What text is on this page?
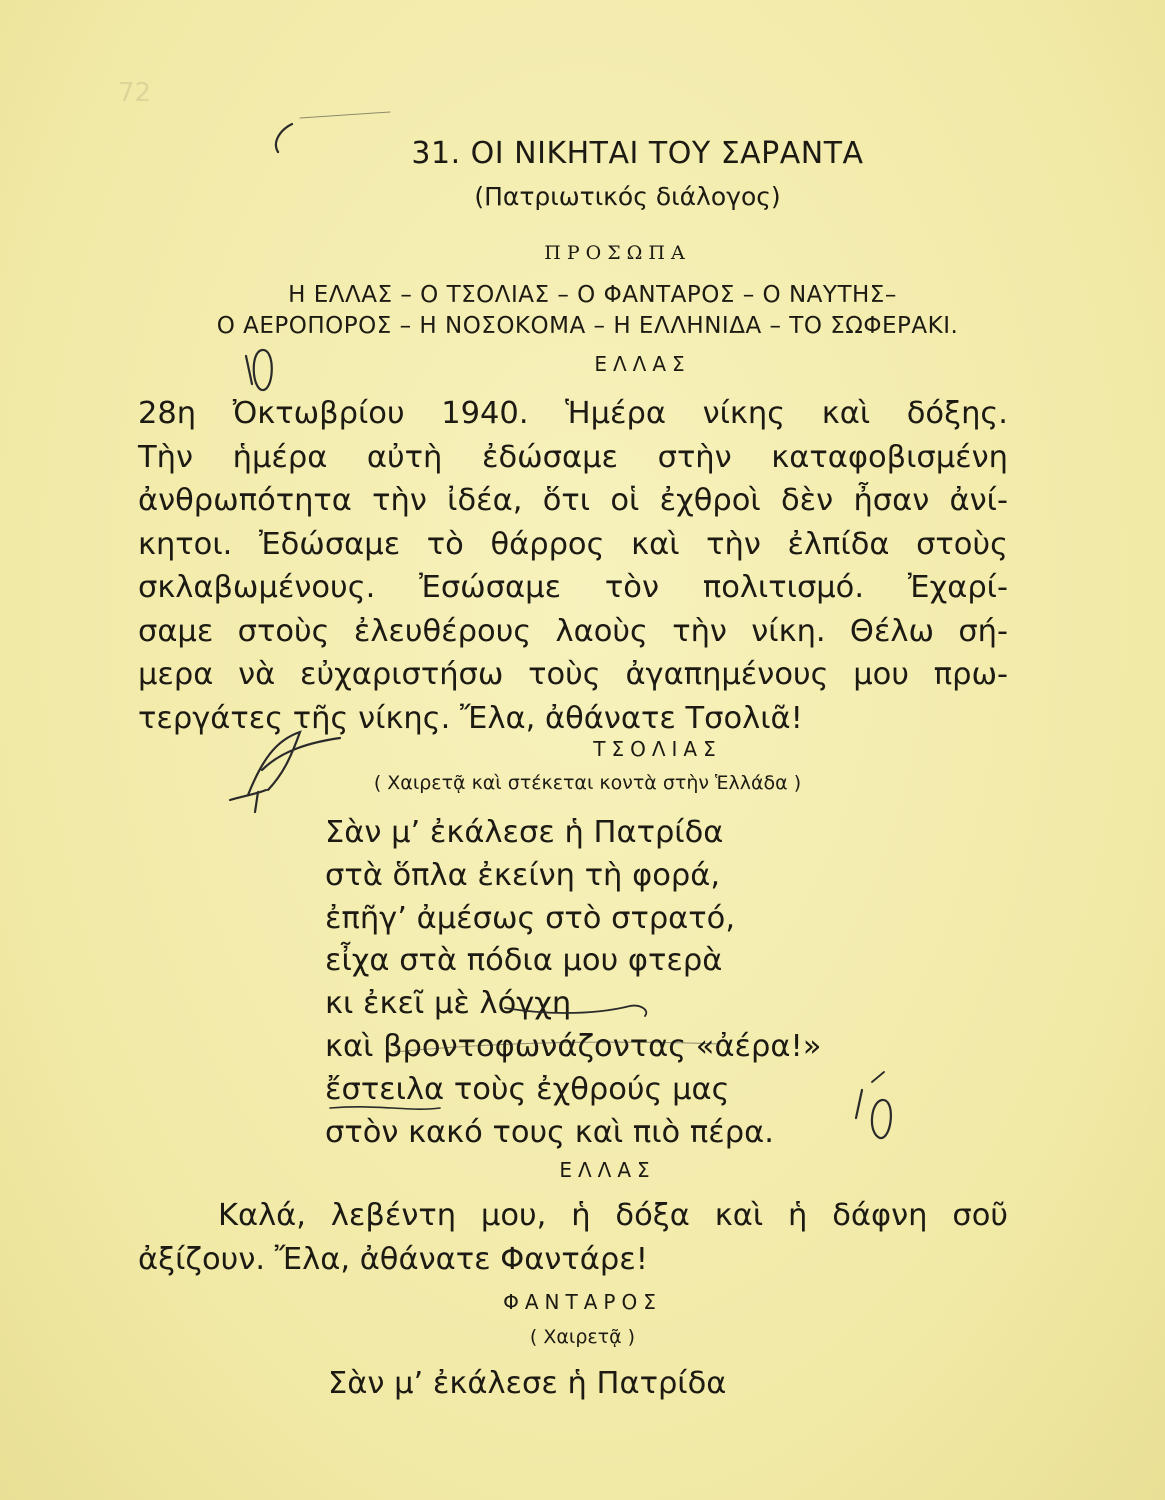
72
31. ΟΙ ΝΙΚΗΤΑΙ ΤΟΥ ΣΑΡΑΝΤΑ
(Πατριωτικός διάλογος)
ΠΡΟΣΩΠΑ
Η ΕΛΛΑΣ – Ο ΤΣΟΛΙΑΣ – Ο ΦΑΝΤΑΡΟΣ – Ο ΝΑΥΤΗΣ–
Ο ΑΕΡΟΠΟΡΟΣ – Η ΝΟΣΟΚΟΜΑ – Η ΕΛΛΗΝΙΔΑ – ΤΟ ΣΩΦΕΡΑΚΙ.
ΕΛΛΑΣ
28η Ὀκτωβρίου 1940. Ἡμέρα νίκης καὶ δόξης.
Τὴν ἡμέρα αὐτὴ ἐδώσαμε στὴν καταφοβισμένη
ἀνθρωπότητα τὴν ἰδέα, ὅτι οἱ ἐχθροὶ δὲν ἦσαν ἀνί-
κητοι. Ἐδώσαμε τὸ θάρρος καὶ τὴν ἐλπίδα στοὺς
σκλαβωμένους. Ἐσώσαμε τὸν πολιτισμό. Ἐχαρί-
σαμε στοὺς ἐλευθέρους λαοὺς τὴν νίκη. Θέλω σή-
μερα νὰ εὐχαριστήσω τοὺς ἀγαπημένους μου πρω-
τεργάτες τῆς νίκης. Ἔλα, ἀθάνατε Τσολιᾶ!
ΤΣΟΛΙΑΣ
( Χαιρετᾷ καὶ στέκεται κοντὰ στὴν Ἑλλάδα )
Σὰν μ’ ἐκάλεσε ἡ Πατρίδα
στὰ ὅπλα ἐκείνη τὴ φορά,
ἐπῆγ’ ἀμέσως στὸ στρατό,
εἶχα στὰ πόδια μου φτερὰ
κι ἐκεῖ μὲ λόγχη
καὶ βροντοφωνάζοντας «ἀέρα!»
ἔστειλα τοὺς ἐχθρούς μας
στὸν κακό τους καὶ πιὸ πέρα.
ΕΛΛΑΣ
Καλά, λεβέντη μου, ἡ δόξα καὶ ἡ δάφνη σοῦ
ἀξίζουν. Ἔλα, ἀθάνατε Φαντάρε!
ΦΑΝΤΑΡΟΣ
( Χαιρετᾷ )
Σὰν μ’ ἐκάλεσε ἡ Πατρίδα
